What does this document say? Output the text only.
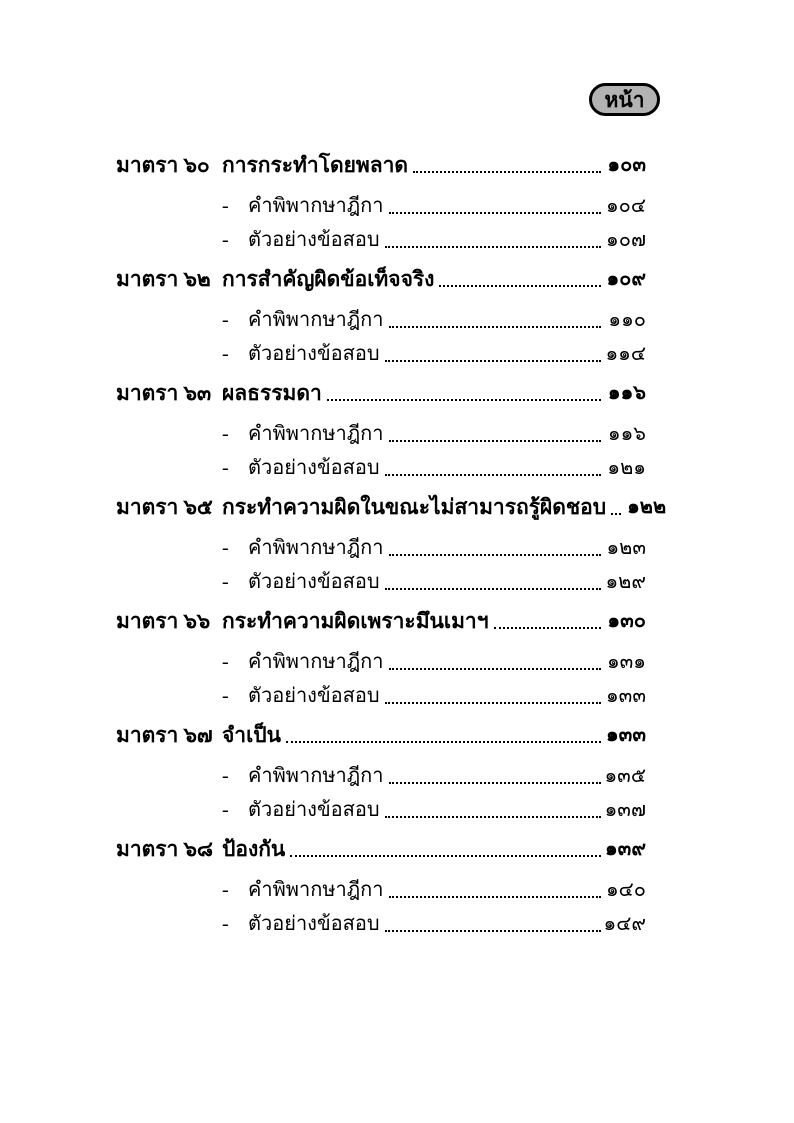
หน้า
มาตรา ๖๐ การกระทำโดยพลาด	๑๐๓
- คำพิพากษาฎีกา	๑๐๔
- ตัวอย่างข้อสอบ	๑๐๗
มาตรา ๖๒ การสำคัญผิดข้อเท็จจริง	๑๐๙
- คำพิพากษาฎีกา	๑๑๐
- ตัวอย่างข้อสอบ	๑๑๔
มาตรา ๖๓ ผลธรรมดา	๑๑๖
- คำพิพากษาฎีกา	๑๑๖
- ตัวอย่างข้อสอบ	๑๒๑
มาตรา ๖๕ กระทำความผิดในขณะไม่สามารถรู้ผิดชอบ ๑๒๒
- คำพิพากษาฎีกา	๑๒๓
- ตัวอย่างข้อสอบ	๑๒๙
มาตรา ๖๖ กระทำความผิดเพราะมึนเมาฯ	๑๓๐
- คำพิพากษาฎีกา	๑๓๑
- ตัวอย่างข้อสอบ	๑๓๓
มาตรา ๖๗ จำเป็น	๑๓๓
- คำพิพากษาฎีกา	๑๓๕
- ตัวอย่างข้อสอบ	๑๓๗
มาตรา ๖๘ ป้องกัน	๑๓๙
- คำพิพากษาฎีกา	๑๔๐
- ตัวอย่างข้อสอบ	๑๔๙
